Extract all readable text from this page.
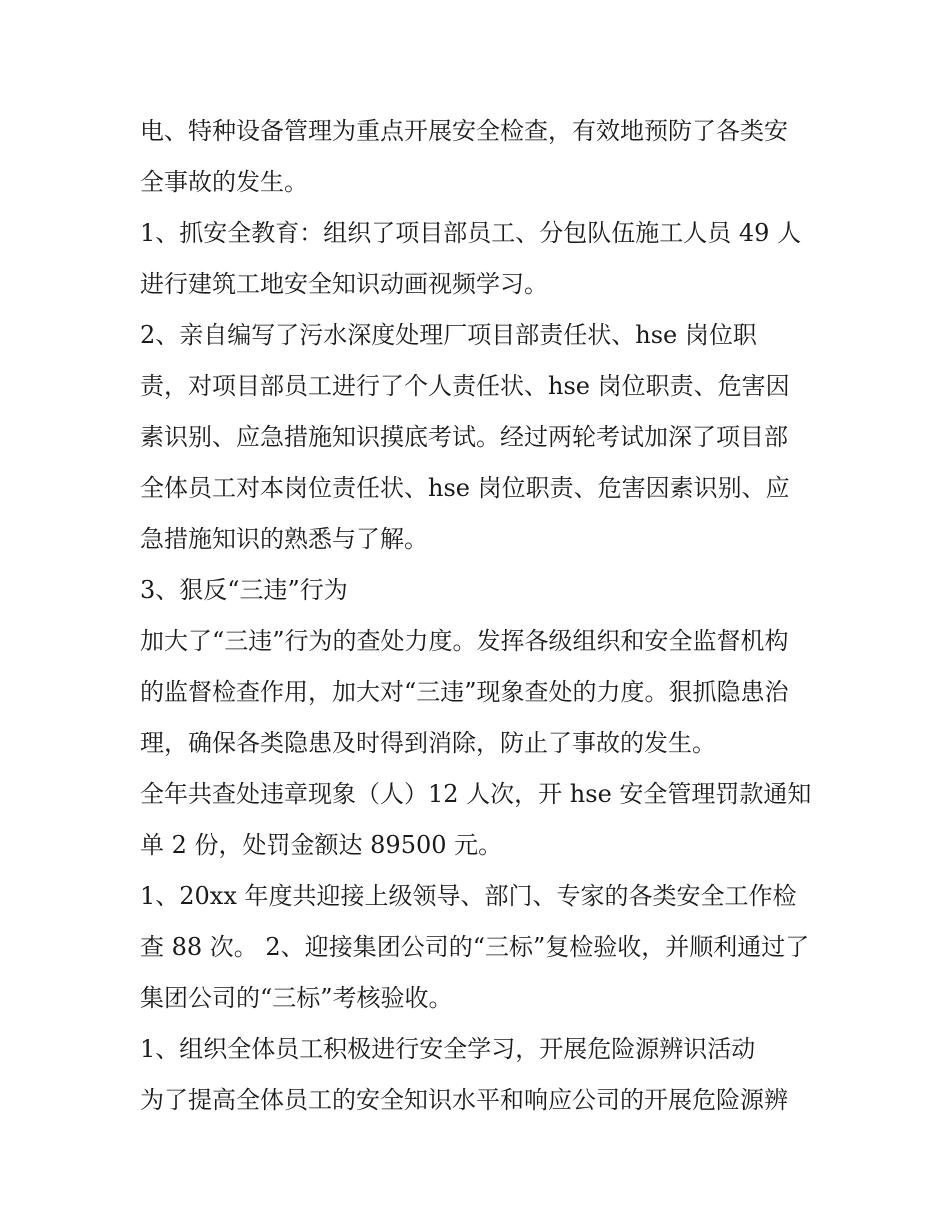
电、特种设备管理为重点开展安全检查，有效地预防了各类安
全事故的发生。
1、抓安全教育：组织了项目部员工、分包队伍施工人员 49 人
进行建筑工地安全知识动画视频学习。
2、亲自编写了污水深度处理厂项目部责任状、hse 岗位职
责，对项目部员工进行了个人责任状、hse 岗位职责、危害因
素识别、应急措施知识摸底考试。经过两轮考试加深了项目部
全体员工对本岗位责任状、hse 岗位职责、危害因素识别、应
急措施知识的熟悉与了解。
3、狠反“三违”行为
加大了“三违”行为的查处力度。发挥各级组织和安全监督机构
的监督检查作用，加大对“三违”现象查处的力度。狠抓隐患治
理，确保各类隐患及时得到消除，防止了事故的发生。
全年共查处违章现象（人）12 人次，开 hse 安全管理罚款通知
单 2 份，处罚金额达 89500 元。
1、20xx 年度共迎接上级领导、部门、专家的各类安全工作检
查 88 次。 2、迎接集团公司的“三标”复检验收，并顺利通过了
集团公司的“三标”考核验收。
1、组织全体员工积极进行安全学习，开展危险源辨识活动
为了提高全体员工的安全知识水平和响应公司的开展危险源辨
